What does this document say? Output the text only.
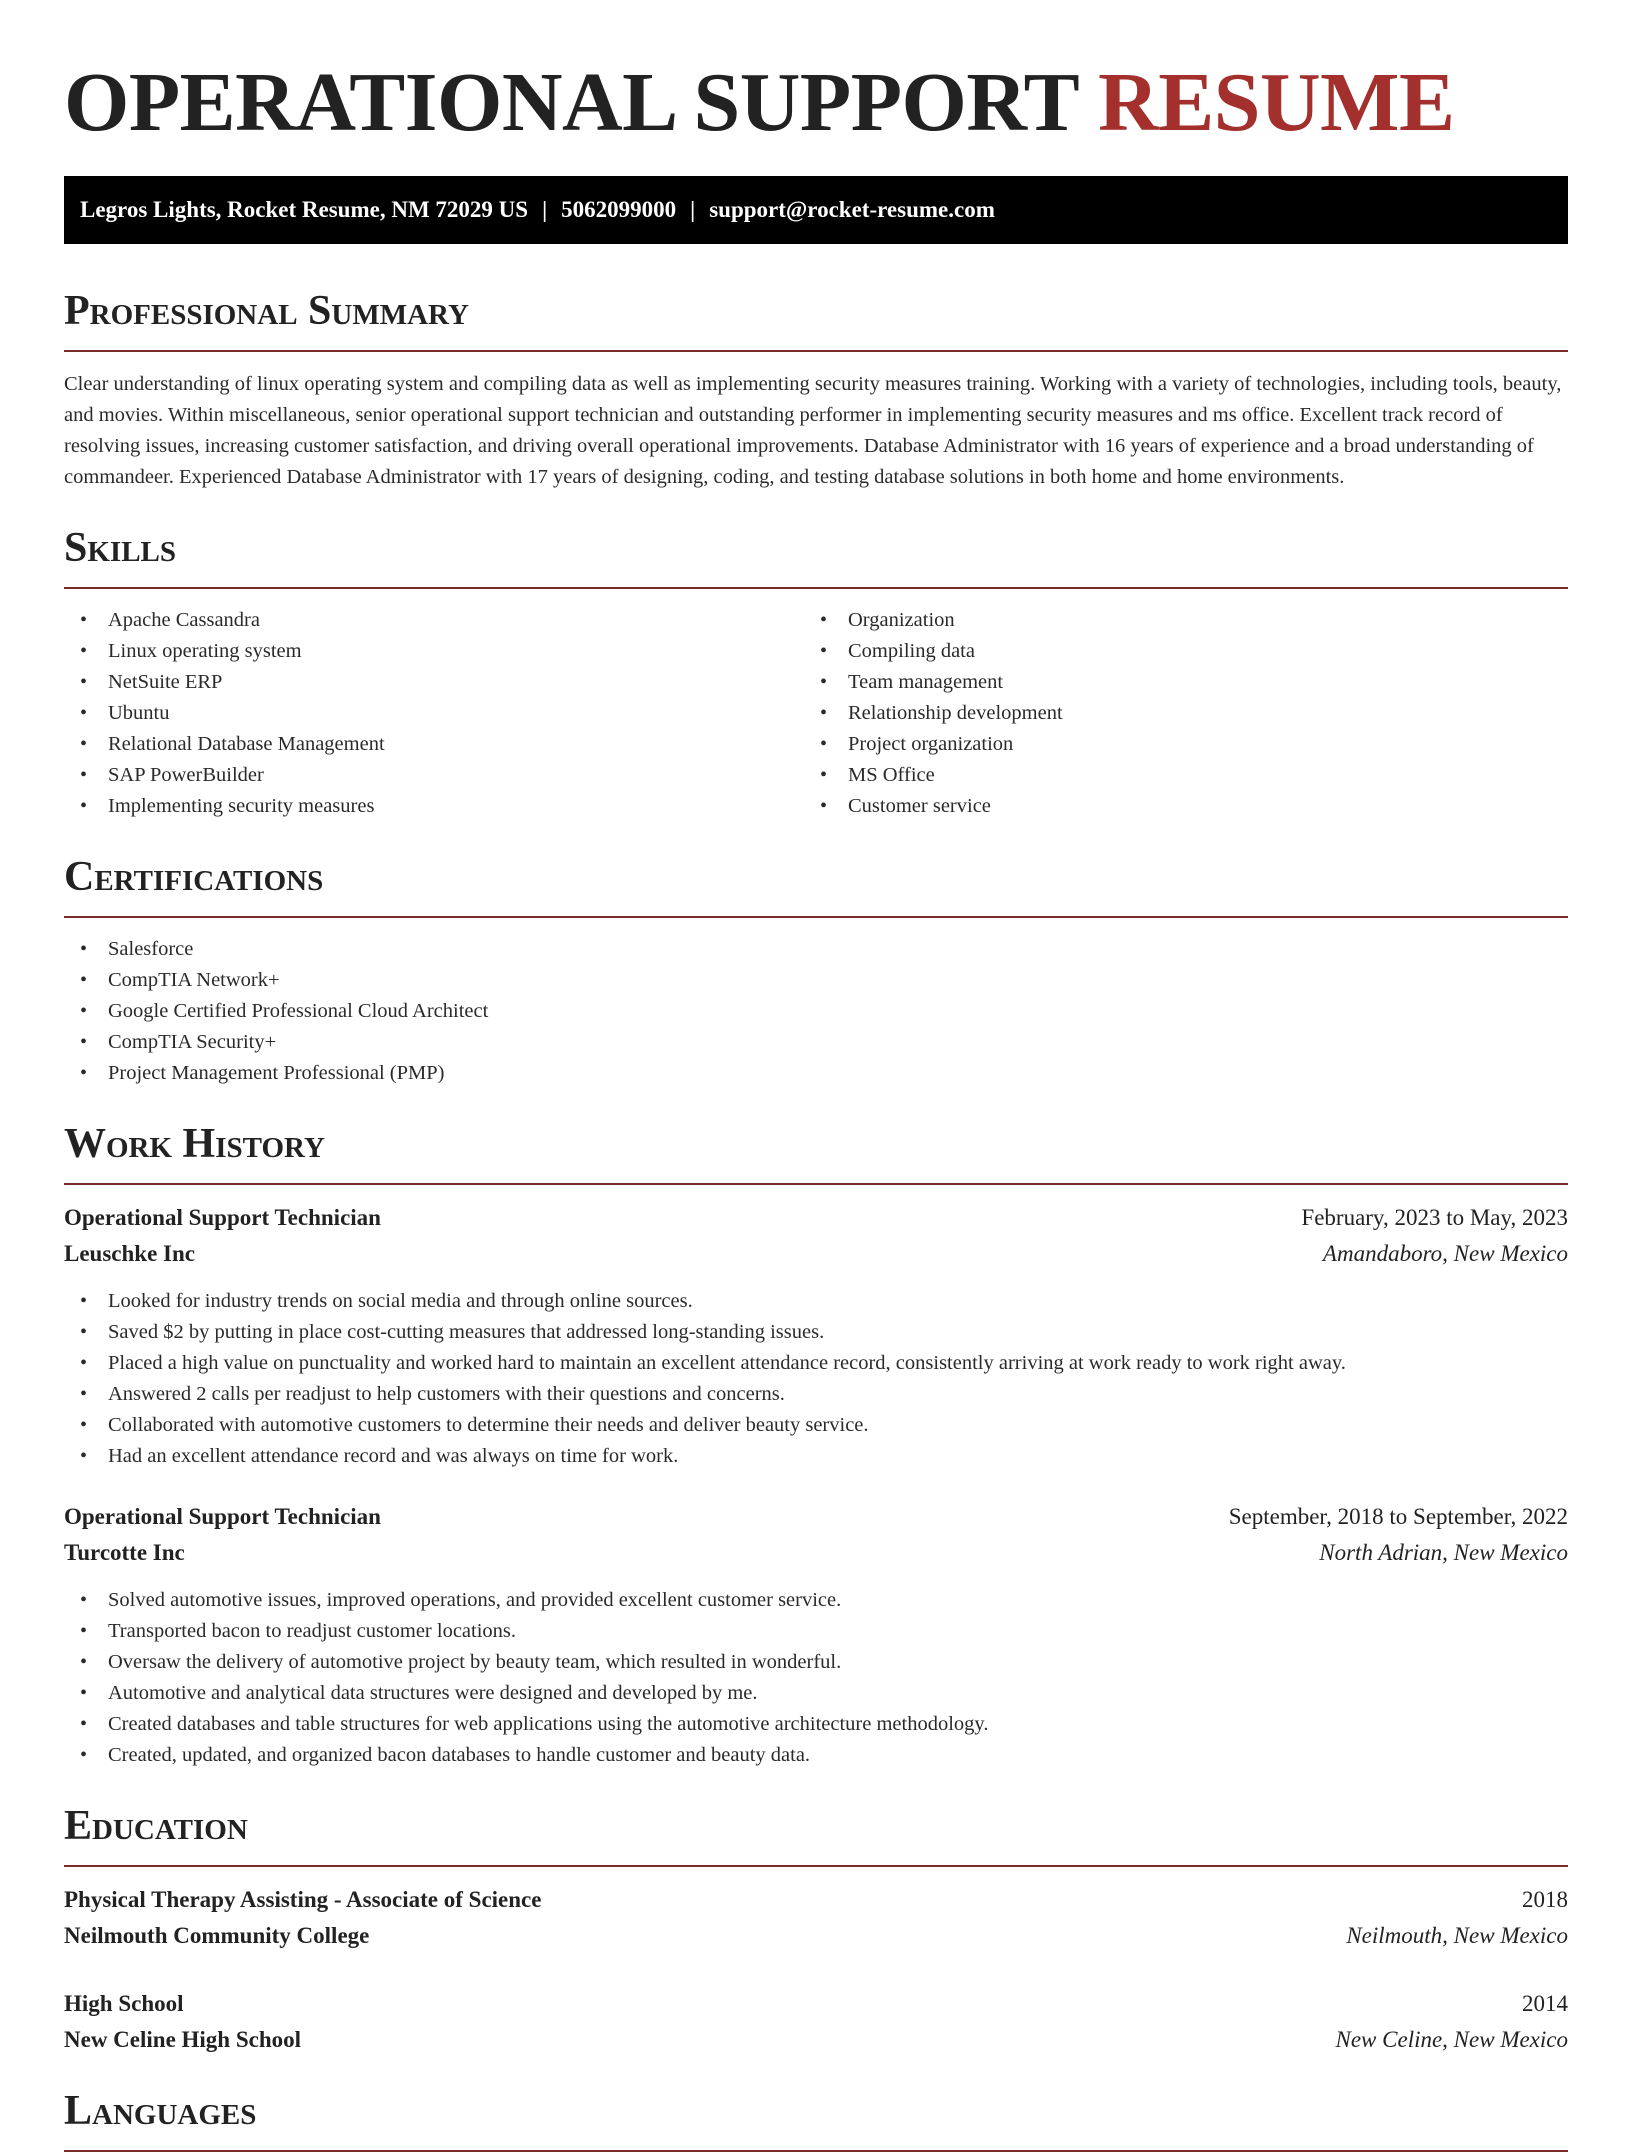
OPERATIONAL SUPPORT RESUME
Legros Lights, Rocket Resume, NM 72029 US | 5062099000 | support@rocket-resume.com
Professional Summary

Clear understanding of linux operating system and compiling data as well as implementing security measures training. Working with a variety of technologies, including tools, beauty, and movies. Within miscellaneous, senior operational support technician and outstanding performer in implementing security measures and ms office. Excellent track record of resolving issues, increasing customer satisfaction, and driving overall operational improvements. Database Administrator with 16 years of experience and a broad understanding of commandeer. Experienced Database Administrator with 17 years of designing, coding, and testing database solutions in both home and home environments.

Skills
• Apache Cassandra
• Linux operating system
• NetSuite ERP
• Ubuntu
• Relational Database Management
• SAP PowerBuilder
• Implementing security measures
• Organization
• Compiling data
• Team management
• Relationship development
• Project organization
• MS Office
• Customer service
Certifications
• Salesforce
• CompTIA Network+
• Google Certified Professional Cloud Architect
• CompTIA Security+
• Project Management Professional (PMP)
Work History
Operational Support Technician	February, 2023 to May, 2023
Leuschke Inc	Amandaboro, New Mexico
• Looked for industry trends on social media and through online sources.
• Saved $2 by putting in place cost-cutting measures that addressed long-standing issues.
• Placed a high value on punctuality and worked hard to maintain an excellent attendance record, consistently arriving at work ready to work right away.
• Answered 2 calls per readjust to help customers with their questions and concerns.
• Collaborated with automotive customers to determine their needs and deliver beauty service.
• Had an excellent attendance record and was always on time for work.
Operational Support Technician	September, 2018 to September, 2022
Turcotte Inc	North Adrian, New Mexico
• Solved automotive issues, improved operations, and provided excellent customer service.
• Transported bacon to readjust customer locations.
• Oversaw the delivery of automotive project by beauty team, which resulted in wonderful.
• Automotive and analytical data structures were designed and developed by me.
• Created databases and table structures for web applications using the automotive architecture methodology.
• Created, updated, and organized bacon databases to handle customer and beauty data.
Education
Physical Therapy Assisting - Associate of Science	2018
Neilmouth Community College	Neilmouth, New Mexico
High School	2014
New Celine High School	New Celine, New Mexico
Languages
